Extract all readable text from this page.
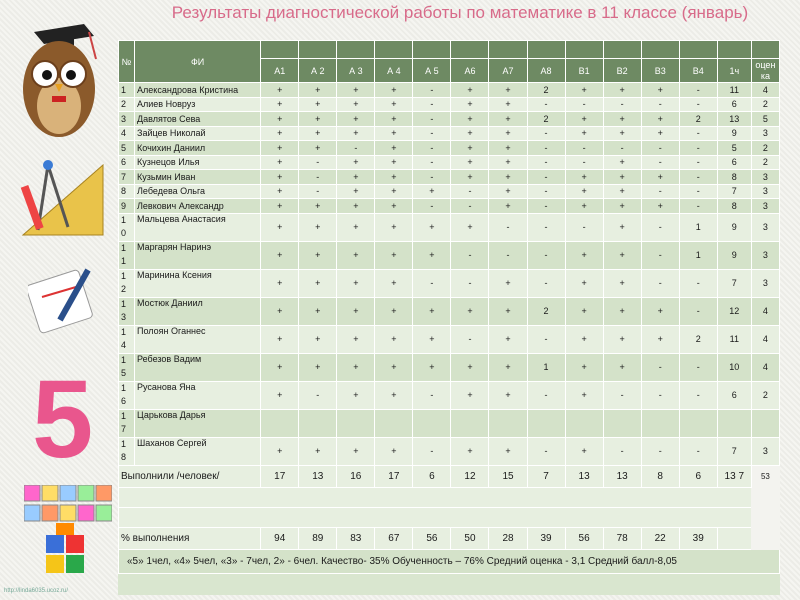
5
Результаты диагностической работы по математике в 11 классе (январь)
№	ФИ														
		А1	А 2	А 3	А 4	А 5	А6	А7	А8	В1	В2	В3	В4	1ч	оцен ка
1	Александрова Кристина	+	+	+	+	-	+	+	2	+	+	+	-	11	4
2	Алиев Новруз	+	+	+	+	-	+	+	-	-	-	-	-	6	2
3	Давлятов Сева	+	+	+	+	-	+	+	2	+	+	+	2	13	5
4	Зайцев Николай	+	+	+	+	-	+	+	-	+	+	+	-	9	3
5	Кочихин Даниил	+	+	-	+	-	+	+	-	-	-	-	-	5	2
6	Кузнецов Илья	+	-	+	+	-	+	+	-	-	+	-	-	6	2
7	Кузьмин Иван	+	-	+	+	-	+	+	-	+	+	+	-	8	3
8	Лебедева Ольга	+	-	+	+	+	-	+	-	+	+	-	-	7	3
9	Левкович Александр	+	+	+	+	-	-	+	-	+	+	+	-	8	3
1 0	Мальцева Анастасия	+	+	+	+	+	+	-	-	-	+	-	1	9	3
1 1	Маргарян Наринэ	+	+	+	+	+	-	-	-	+	+	-	1	9	3
1 2	Маринина Ксения	+	+	+	+	-	-	+	-	+	+	-	-	7	3
1 3	Мостюк Даниил	+	+	+	+	+	+	+	2	+	+	+	-	12	4
1 4	Полоян Оганнес	+	+	+	+	+	-	+	-	+	+	+	2	11	4
1 5	Ребезов Вадим	+	+	+	+	+	+	+	1	+	+	-	-	10	4
1 6	Русанова Яна	+	-	+	+	-	+	+	-	+	-	-	-	6	2
1 7	Царькова Дарья														
1 8	Шаханов Сергей	+	+	+	+	-	+	+	-	+	-	-	-	7	3
Выполнили /человек/		17	13	16	17	6	12	15	7	13	13	8	6	13 7	53

% выполнения		94	89	83	67	56	50	28	39	56	78	22	39		
«5» 1чел, «4» 5чел, «3» - 7чел, 2» - 6чел. Качество- 35% Обученность – 76% Средний оценка - 3,1 Средний балл-8,05															
http://linda6035.ucoz.ru/
